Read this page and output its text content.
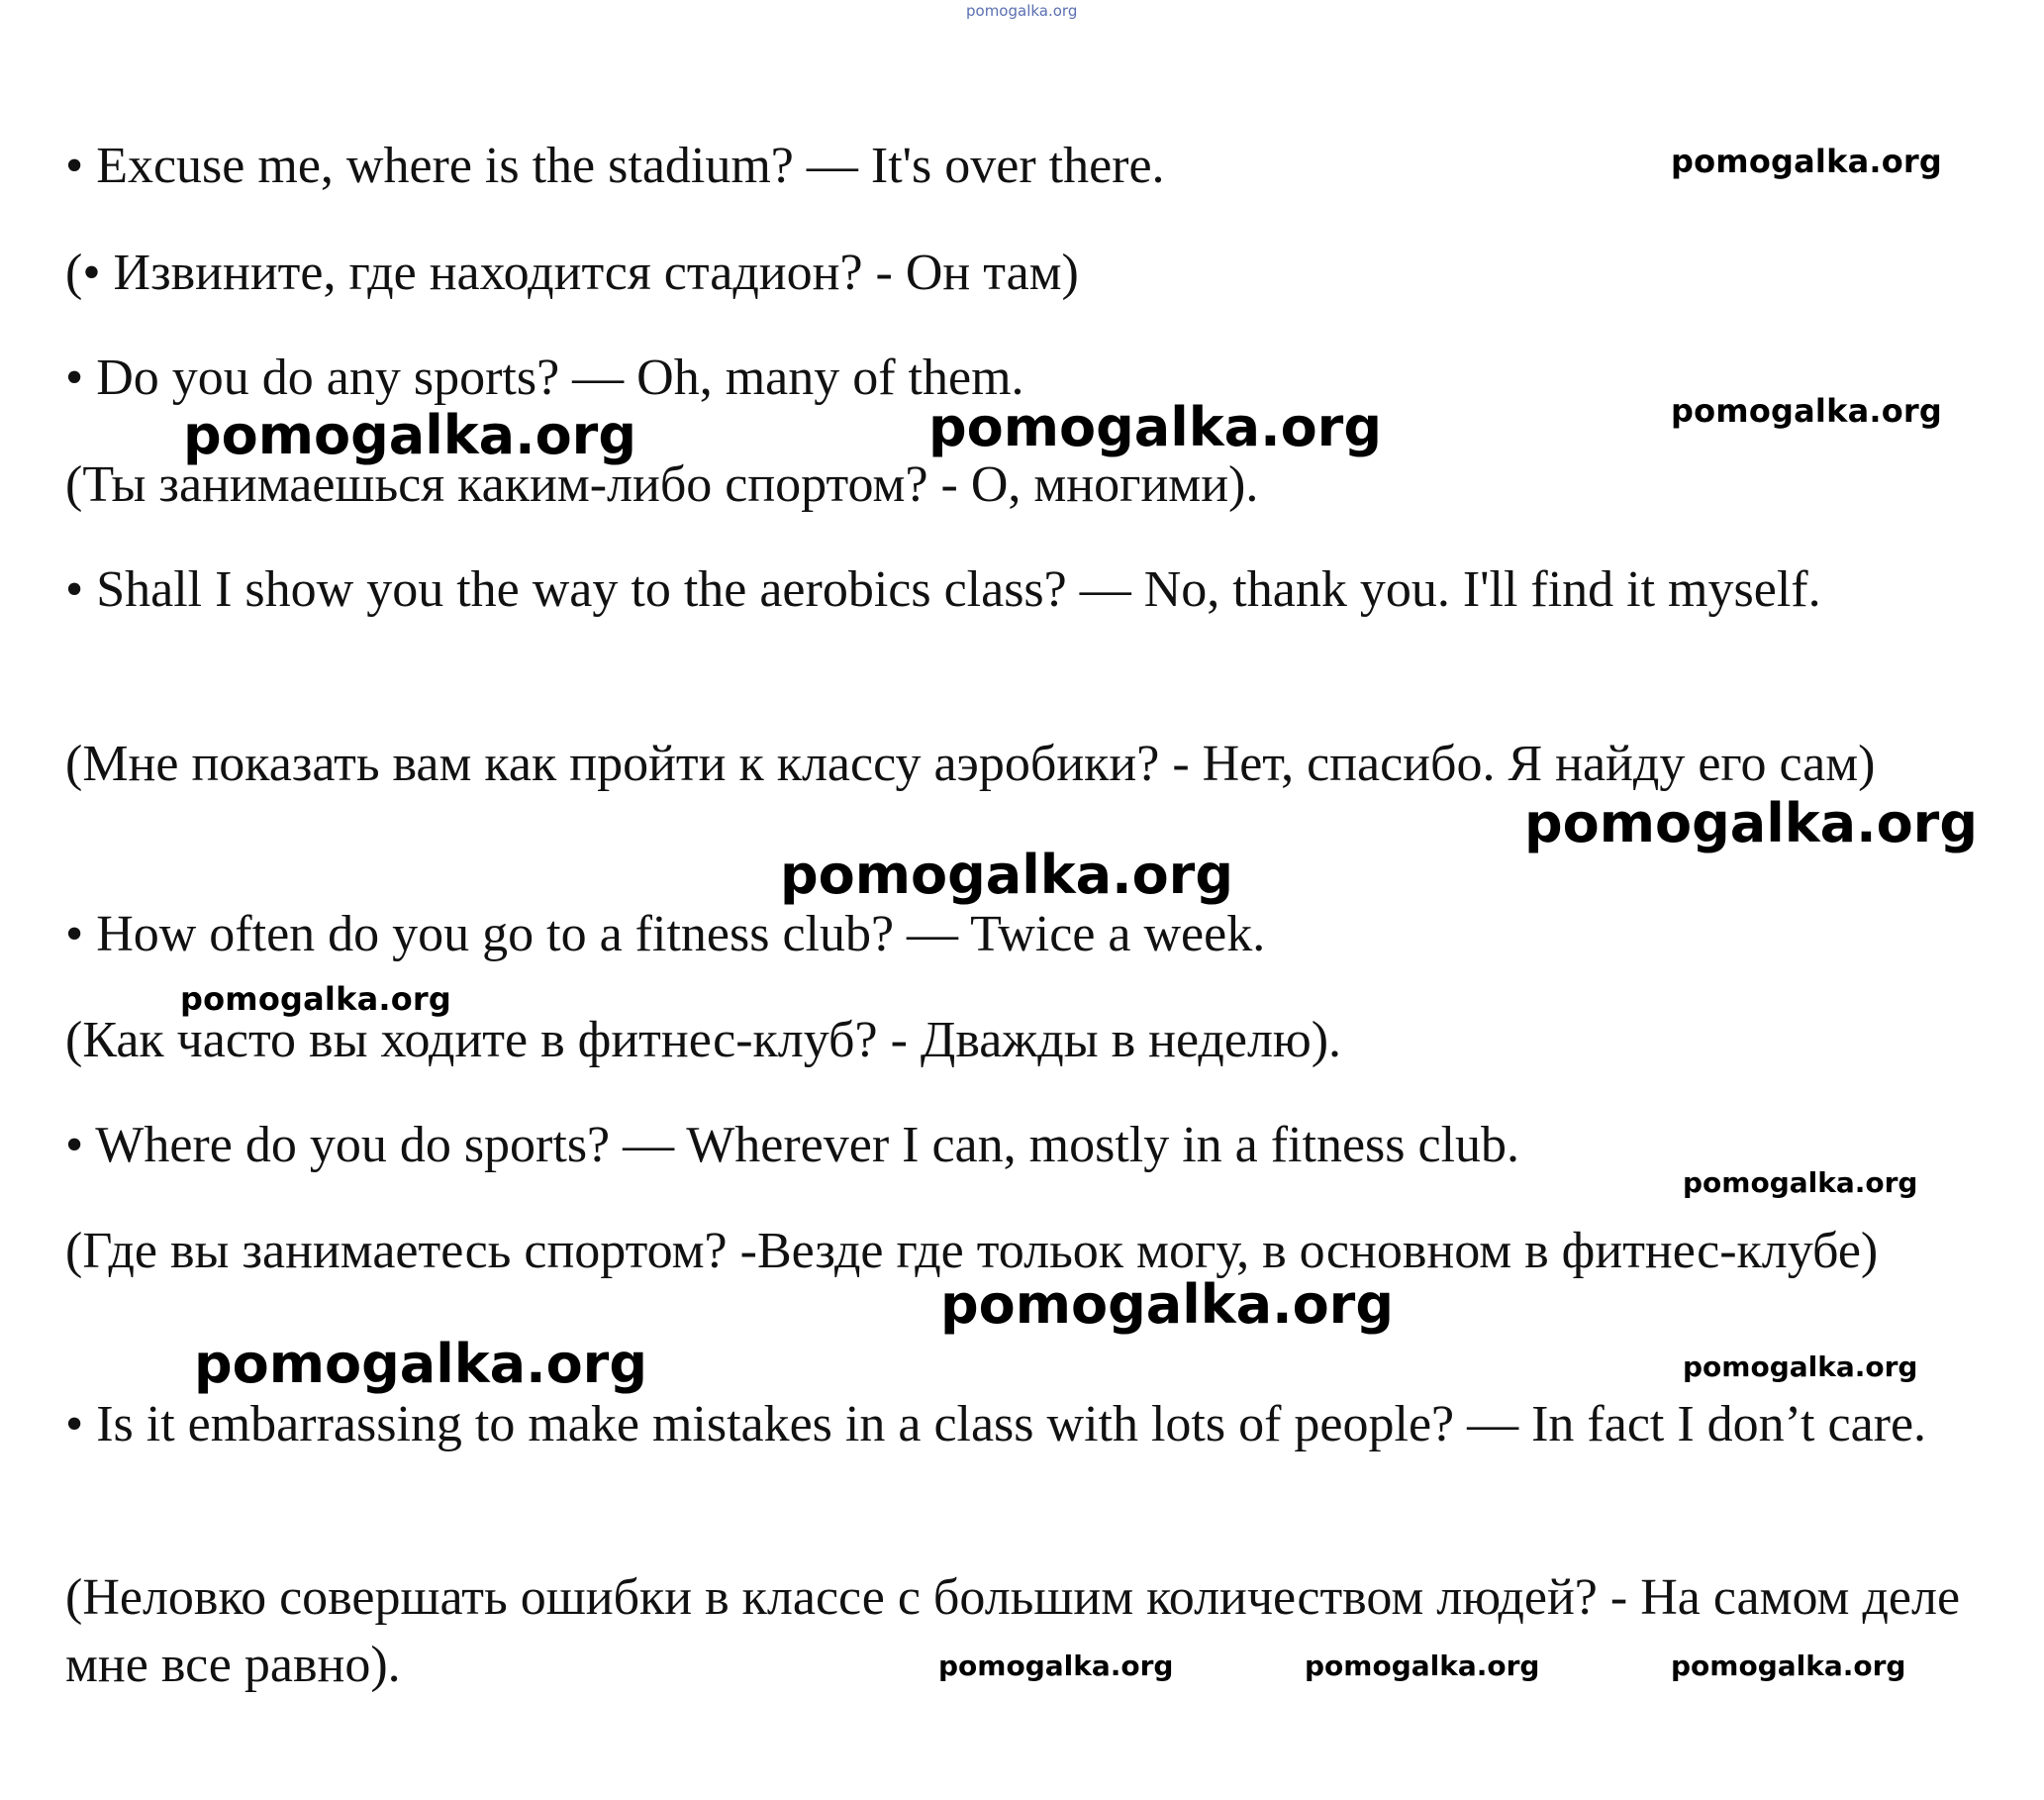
pomogalka.org

• Excuse me, where is the stadium? — It's over there.

(• Извините, где находится стадион? - Он там)

• Do you do any sports? — Oh, many of them.

(Ты занимаешься каким-либо спортом? - О, многими).

• Shall I show you the way to the aerobics class? — No, thank you. I'll find it myself.

(Мне показать вам как пройти к классу аэробики? - Нет, спасибо. Я найду его сам)

• How often do you go to a fitness club? — Twice a week.

(Как часто вы ходите в фитнес-клуб? - Дважды в неделю).

• Where do you do sports? — Wherever I can, mostly in a fitness club.

(Где вы занимаетесь спортом? -Везде где тольок могу, в основном в фитнес-клубе)

• Is it embarrassing to make mistakes in a class with lots of people? — In fact I don’t care.

(Неловко совершать ошибки в классе с большим количеством людей? - На самом деле мне все равно).

pomogalka.org
pomogalka.org
pomogalka.org	pomogalka.org
pomogalka.org
pomogalka.org
pomogalka.org
pomogalka.org
pomogalka.org
pomogalka.org	pomogalka.org
pomogalka.org	pomogalka.org	pomogalka.org
